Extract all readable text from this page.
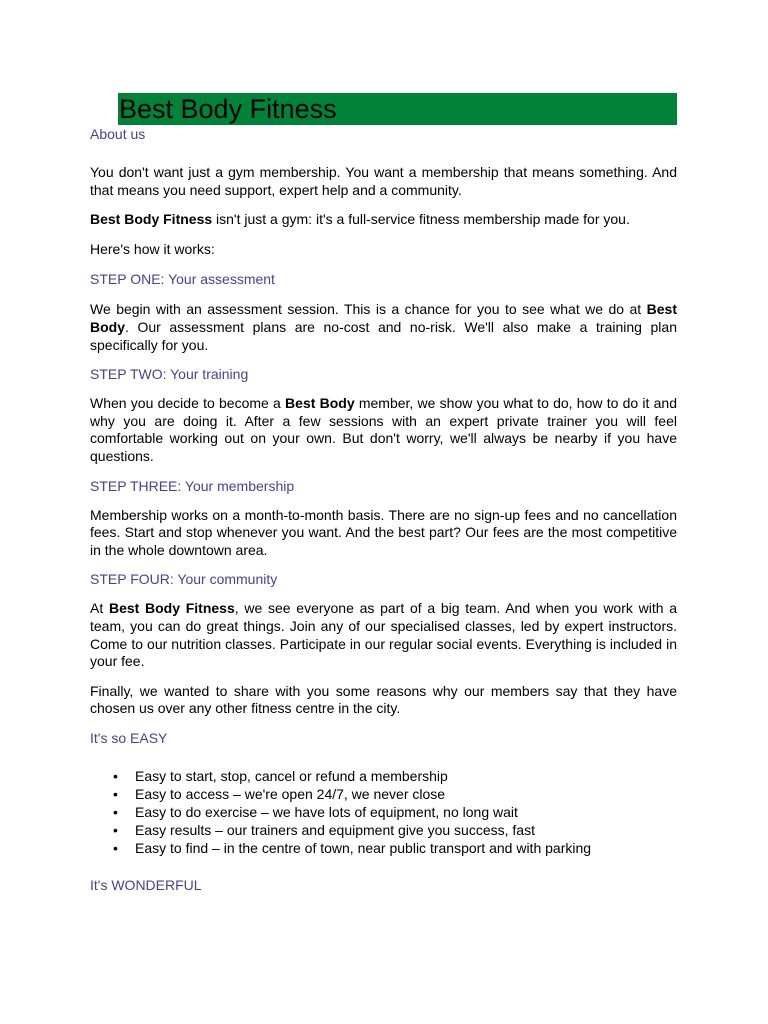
Best Body Fitness
About us
You don't want just a gym membership. You want a membership that means something. And that means you need support, expert help and a community.
Best Body Fitness isn't just a gym: it's a full-service fitness membership made for you.
Here's how it works:
STEP ONE: Your assessment
We begin with an assessment session. This is a chance for you to see what we do at Best Body. Our assessment plans are no-cost and no-risk. We'll also make a training plan specifically for you.
STEP TWO: Your training
When you decide to become a Best Body member, we show you what to do, how to do it and why you are doing it. After a few sessions with an expert private trainer you will feel comfortable working out on your own. But don't worry, we'll always be nearby if you have questions.
STEP THREE: Your membership
Membership works on a month-to-month basis. There are no sign-up fees and no cancellation fees. Start and stop whenever you want. And the best part? Our fees are the most competitive in the whole downtown area.
STEP FOUR: Your community
At Best Body Fitness, we see everyone as part of a big team. And when you work with a team, you can do great things. Join any of our specialised classes, led by expert instructors. Come to our nutrition classes. Participate in our regular social events. Everything is included in your fee.
Finally, we wanted to share with you some reasons why our members say that they have chosen us over any other fitness centre in the city.
It's so EASY
• Easy to start, stop, cancel or refund a membership
• Easy to access – we're open 24/7, we never close
• Easy to do exercise – we have lots of equipment, no long wait
• Easy results – our trainers and equipment give you success, fast
• Easy to find – in the centre of town, near public transport and with parking
It's WONDERFUL
